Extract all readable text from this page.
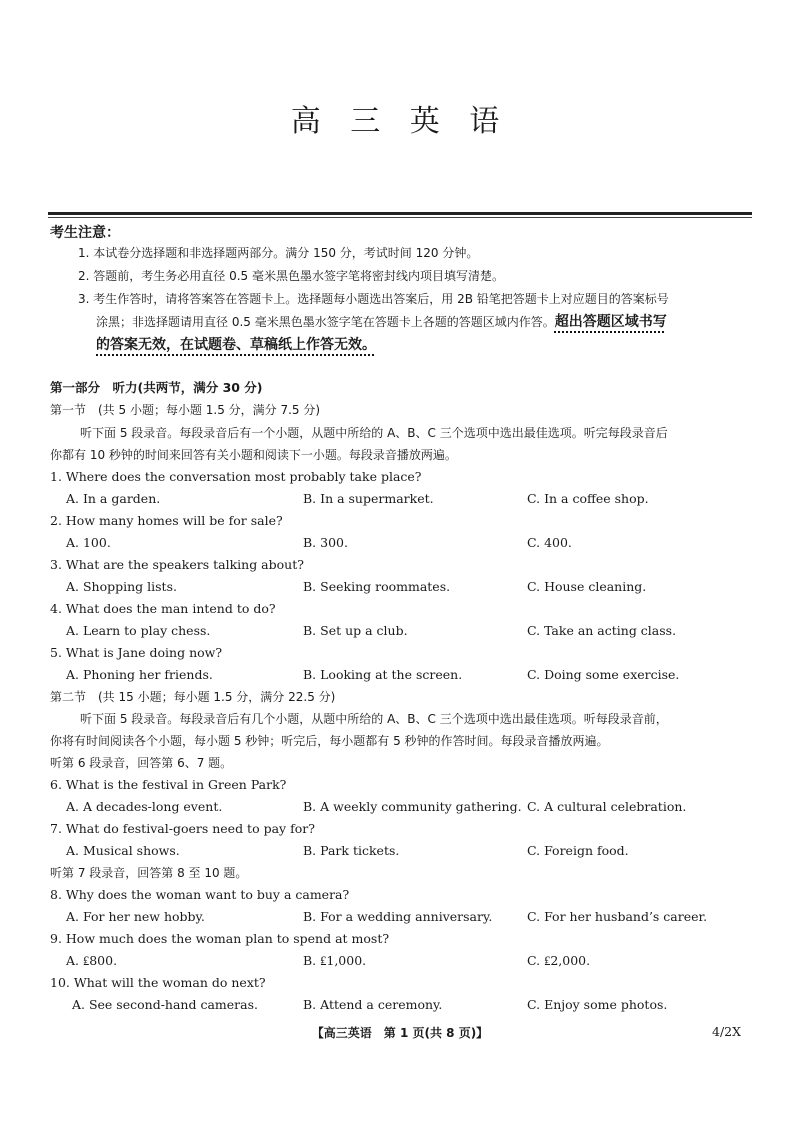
高 三 英 语
考生注意：
1. 本试卷分选择题和非选择题两部分。满分 150 分，考试时间 120 分钟。
2. 答题前，考生务必用直径 0.5 毫米黑色墨水签字笔将密封线内项目填写清楚。
3. 考生作答时，请将答案答在答题卡上。选择题每小题选出答案后，用 2B 铅笔把答题卡上对应题目的答案标号
涂黑；非选择题请用直径 0.5 毫米黑色墨水签字笔在答题卡上各题的答题区域内作答。超出答题区域书写
的答案无效，在试题卷、草稿纸上作答无效。
第一部分　听力(共两节，满分 30 分)
第一节　(共 5 小题；每小题 1.5 分，满分 7.5 分)
听下面 5 段录音。每段录音后有一个小题，从题中所给的 A、B、C 三个选项中选出最佳选项。听完每段录音后
你都有 10 秒钟的时间来回答有关小题和阅读下一小题。每段录音播放两遍。
1. Where does the conversation most probably take place?
A. In a garden.	B. In a supermarket.	C. In a coffee shop.
2. How many homes will be for sale?
A. 100.	B. 300.	C. 400.
3. What are the speakers talking about?
A. Shopping lists.	B. Seeking roommates.	C. House cleaning.
4. What does the man intend to do?
A. Learn to play chess.	B. Set up a club.	C. Take an acting class.
5. What is Jane doing now?
A. Phoning her friends.	B. Looking at the screen.	C. Doing some exercise.
第二节　(共 15 小题；每小题 1.5 分，满分 22.5 分)
听下面 5 段录音。每段录音后有几个小题，从题中所给的 A、B、C 三个选项中选出最佳选项。听每段录音前，
你将有时间阅读各个小题，每小题 5 秒钟；听完后，每小题都有 5 秒钟的作答时间。每段录音播放两遍。
听第 6 段录音，回答第 6、7 题。
6. What is the festival in Green Park?
A. A decades-long event.	B. A weekly community gathering. C. A cultural celebration.
7. What do festival-goers need to pay for?
A. Musical shows.	B. Park tickets.	C. Foreign food.
听第 7 段录音，回答第 8 至 10 题。
8. Why does the woman want to buy a camera?
A. For her new hobby.	B. For a wedding anniversary.	C. For her husband’s career.
9. How much does the woman plan to spend at most?
A. ₤800.	B. ₤1,000.	C. ₤2,000.
10. What will the woman do next?
A. See second-hand cameras.	B. Attend a ceremony.	C. Enjoy some photos.
【高三英语　第 1 页(共 8 页)】	4/2X
